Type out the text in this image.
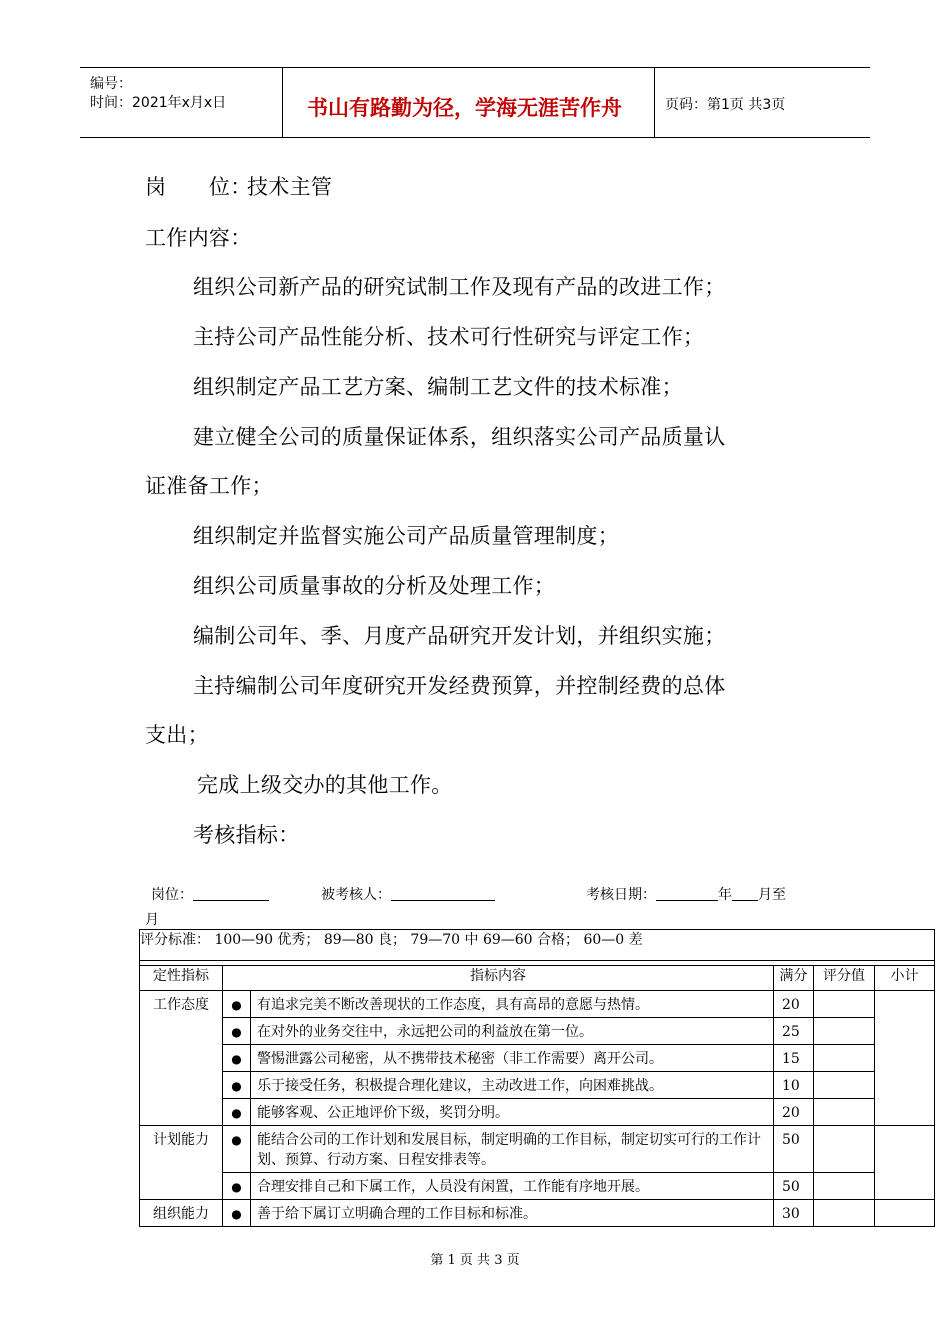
编号：
时间：2021年x月x日	书山有路勤为径，学海无涯苦作舟	页码：第1页 共3页
岗　　位：技术主管
工作内容：
组织公司新产品的研究试制工作及现有产品的改进工作；
主持公司产品性能分析、技术可行性研究与评定工作；
组织制定产品工艺方案、编制工艺文件的技术标准；
建立健全公司的质量保证体系，组织落实公司产品质量认
证准备工作；
组织制定并监督实施公司产品质量管理制度；
组织公司质量事故的分析及处理工作；
编制公司年、季、月度产品研究开发计划，并组织实施；
主持编制公司年度研究开发经费预算，并控制经费的总体
支出；
完成上级交办的其他工作。
考核指标：
岗位：	被考核人：	考核日期：	年 月至
月
评分标准： 100—90 优秀； 89—80 良； 79—70 中 69—60 合格； 60—0 差					

定性指标	指标内容		满分	评分值	小计
工作态度	●	有追求完美不断改善现状的工作态度，具有高昂的意愿与热情。	20		
	●	在对外的业务交往中，永远把公司的利益放在第一位。	25		
	●	警惕泄露公司秘密，从不携带技术秘密（非工作需要）离开公司。	15		
	●	乐于接受任务，积极提合理化建议，主动改进工作，向困难挑战。	10		
	●	能够客观、公正地评价下级，奖罚分明。	20		
计划能力	●	能结合公司的工作计划和发展目标，制定明确的工作目标，制定切实可行的工作计划、预算、行动方案、日程安排表等。	50		
	●	合理安排自己和下属工作，人员没有闲置，工作能有序地开展。	50		
组织能力	●	善于给下属订立明确合理的工作目标和标准。	30		
第 1 页 共 3 页
